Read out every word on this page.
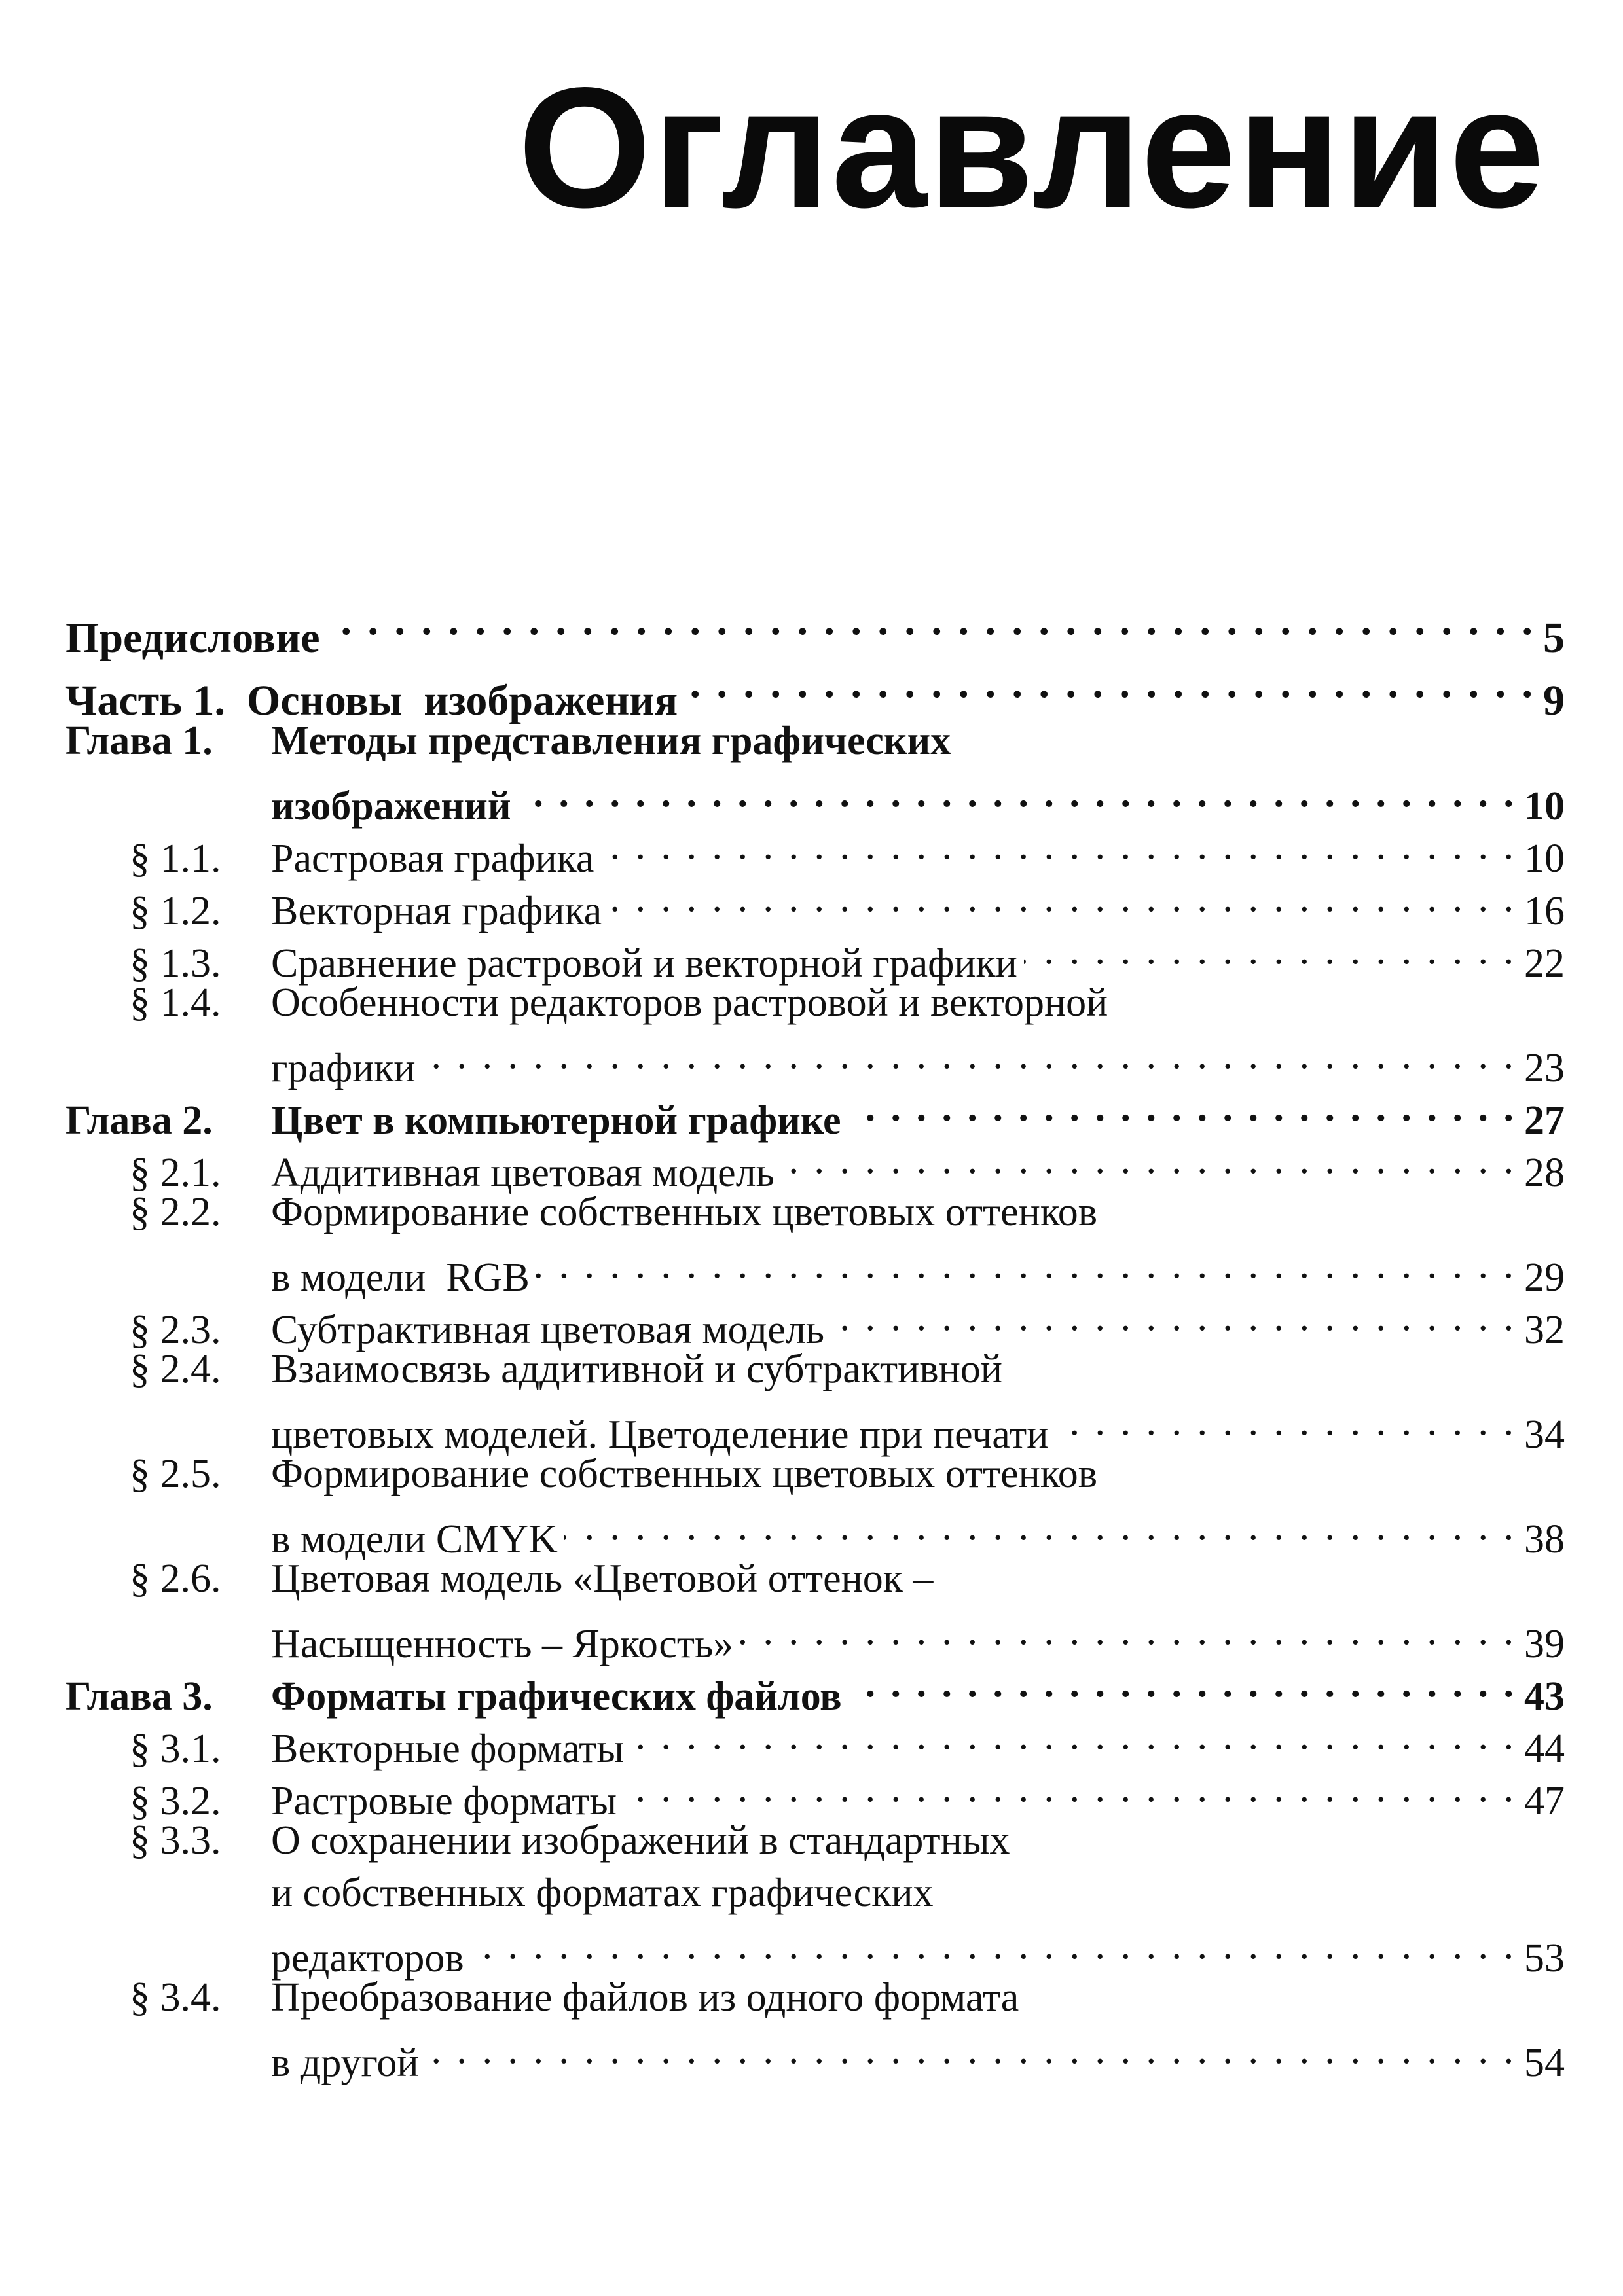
Оглавление
Предисловие . . .	5
Часть 1.  Основы  изображения . . .	9
Глава 1.	Методы представления графических
изображений . . .	10
§ 1.1.	Растровая графика . . .	10
§ 1.2.	Векторная графика . . .	16
§ 1.3.	Сравнение растровой и векторной графики . . .	22
§ 1.4.	Особенности редакторов растровой и векторной
графики . . .	23
Глава 2.	Цвет в компьютерной графике . . .	27
§ 2.1.	Аддитивная цветовая модель . . .	28
§ 2.2.	Формирование собственных цветовых оттенков
в модели  RGB . . .	29
§ 2.3.	Субтрактивная цветовая модель . . .	32
§ 2.4.	Взаимосвязь аддитивной и субтрактивной
цветовых моделей. Цветоделение при печати . . .	34
§ 2.5.	Формирование собственных цветовых оттенков
в модели CMYK . . .	38
§ 2.6.	Цветовая модель «Цветовой оттенок –
Насыщенность – Яркость» . . .	39
Глава 3.	Форматы графических файлов . . .	43
§ 3.1.	Векторные форматы . . .	44
§ 3.2.	Растровые форматы . . .	47
§ 3.3.	О сохранении изображений в стандартных
и собственных форматах графических
редакторов . . .	53
§ 3.4.	Преобразование файлов из одного формата
в другой . . .	54
